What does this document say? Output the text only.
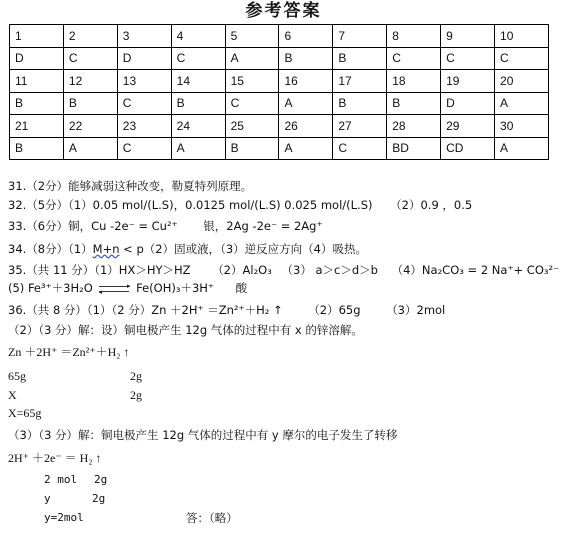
参考答案
1	2	3	4	5	6	7	8	9	10
D	C	D	C	A	B	B	C	C	C
11	12	13	14	15	16	17	18	19	20
B	B	C	B	C	A	B	B	D	A
21	22	23	24	25	26	27	28	29	30
B	A	C	A	B	A	C	BD	CD	A
31.（2分）能够减弱这种改变，勒夏特列原理。
32.（5分）（1）0.05 mol/(L.S)，0.0125 mol/(L.S) 0.025 mol/(L.S) （2）0.9 ，0.5
33.（6分）铜，Cu -2e⁻ = Cu²⁺ 银，2Ag -2e⁻ = 2Ag⁺
34.（8分）（1）M+n < p（2）固或液，（3）逆反应方向（4）吸热。
35.（共 11 分）（1）HX＞HY＞HZ （2）Al₂O₃ （3） a＞c＞d＞b （4）Na₂CO₃ = 2 Na⁺+ CO₃²⁻
(5) Fe³⁺＋3H₂O	▸
◂	Fe(OH)₃＋3H⁺ 酸
36.（共 8 分）（1）（2 分）Zn ＋2H⁺ ＝Zn²⁺＋H₂ ↑ （2）65g （3）2mol
（2）（3 分）解：设）铜电极产生 12g 气体的过程中有 x 的锌溶解。
Zn ＋2H⁺ ＝Zn²⁺＋H₂ ↑
65g	2g
X	2g
X=65g
（3）（3 分）解：铜电极产生 12g 气体的过程中有 y 摩尔的电子发生了转移
2H⁺ ＋2e⁻ ＝ H₂ ↑
2 mol 2g
y	2g
y=2mol	答：（略）
